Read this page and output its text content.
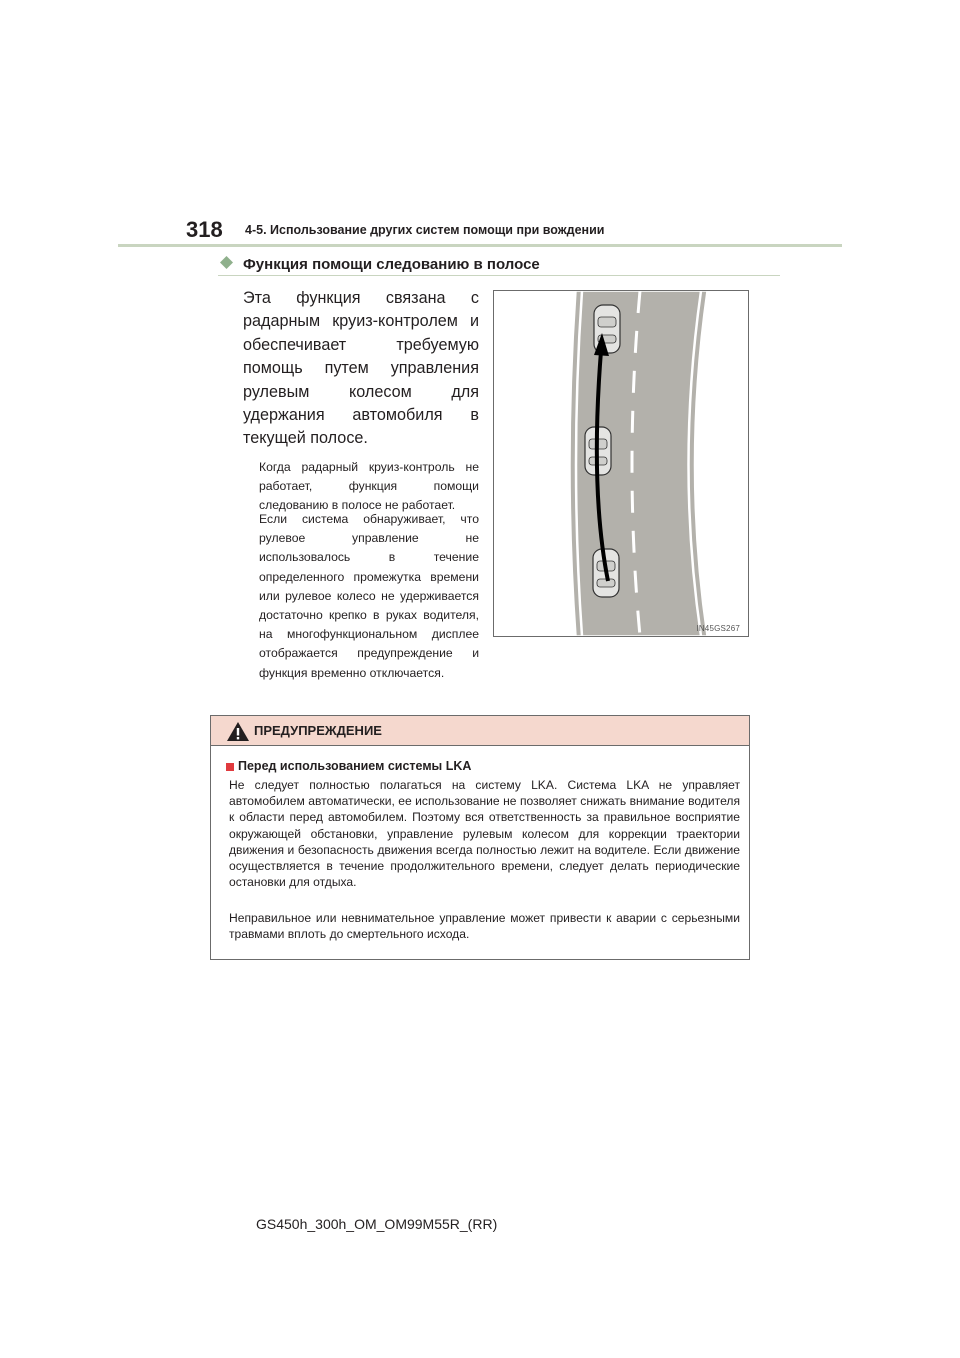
318 4-5. Использование других систем помощи при вождении
Функция помощи следованию в полосе
Эта функция связана с радарным круиз-контролем и обеспечивает требуемую помощь путем управления рулевым колесом для удержания автомобиля в текущей полосе.
Когда радарный круиз-контроль не работает, функция помощи следованию в полосе не работает.
Если система обнаруживает, что рулевое управление не использовалось в течение определенного промежутка времени или рулевое колесо не удерживается достаточно крепко в руках водителя, на многофункциональном дисплее отображается предупреждение и функция временно отключается.
IN45GS267
ПРЕДУПРЕЖДЕНИЕ
Перед использованием системы LKA
Не следует полностью полагаться на систему LKA. Система LKA не управляет автомобилем автоматически, ее использование не позволяет снижать внимание водителя к области перед автомобилем. Поэтому вся ответственность за правильное восприятие окружающей обстановки, управление рулевым колесом для коррекции траектории движения и безопасность движения всегда полностью лежит на водителе. Если движение осуществляется в течение продолжительного времени, следует делать периодические остановки для отдыха.
Неправильное или невнимательное управление может привести к аварии с серьезными травмами вплоть до смертельного исхода.
GS450h_300h_OM_OM99M55R_(RR)
